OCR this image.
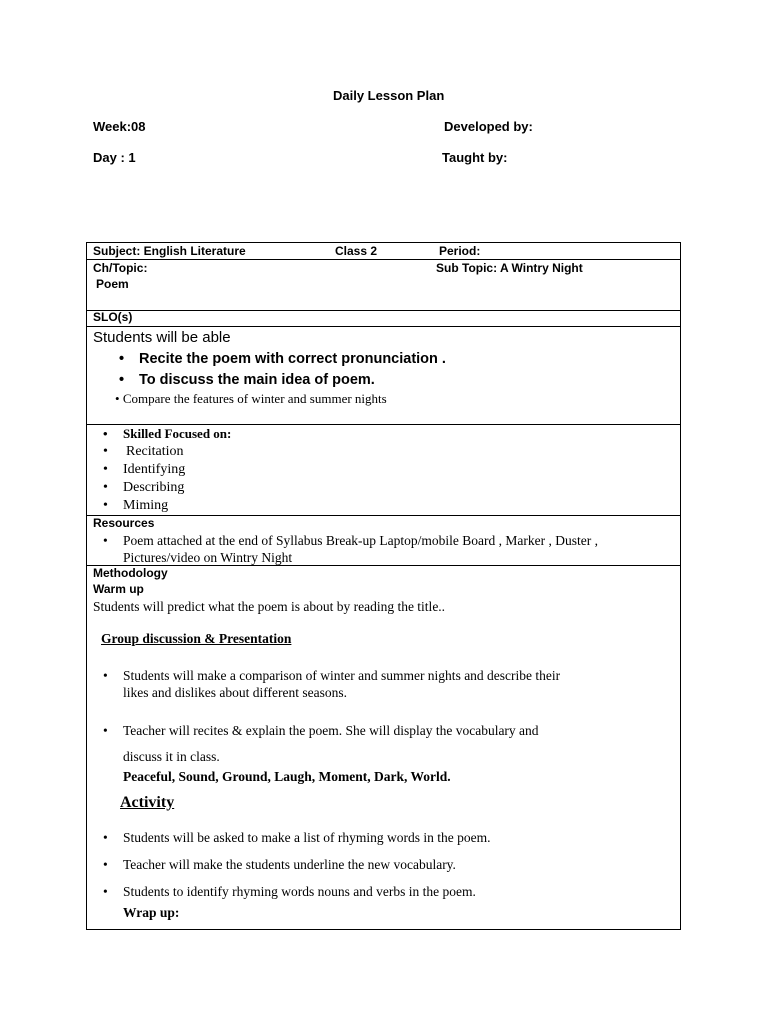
Daily Lesson Plan
Week:08	Developed by:
Day : 1	Taught by:
Subject: English Literature	Class 2	Period:
Ch/Topic:	Sub Topic: A Wintry Night
Poem
SLO(s)
Students will be able
• Recite the poem with correct pronunciation .
• To discuss the main idea of poem.
• Compare the features of winter and summer nights
• Skilled Focused on:
• Recitation
• Identifying
• Describing
• Miming
Resources
• Poem attached at the end of Syllabus Break-up Laptop/mobile Board , Marker , Duster ,
Pictures/video on Wintry Night
Methodology
Warm up
Students will predict what the poem is about by reading the title..
Group discussion & Presentation
• Students will make a comparison of winter and summer nights and describe their
likes and dislikes about different seasons.
• Teacher will recites & explain the poem. She will display the vocabulary and
discuss it in class.
Peaceful, Sound, Ground, Laugh, Moment, Dark, World.
Activity
• Students will be asked to make a list of rhyming words in the poem.
• Teacher will make the students underline the new vocabulary.
• Students to identify rhyming words nouns and verbs in the poem.
Wrap up:
